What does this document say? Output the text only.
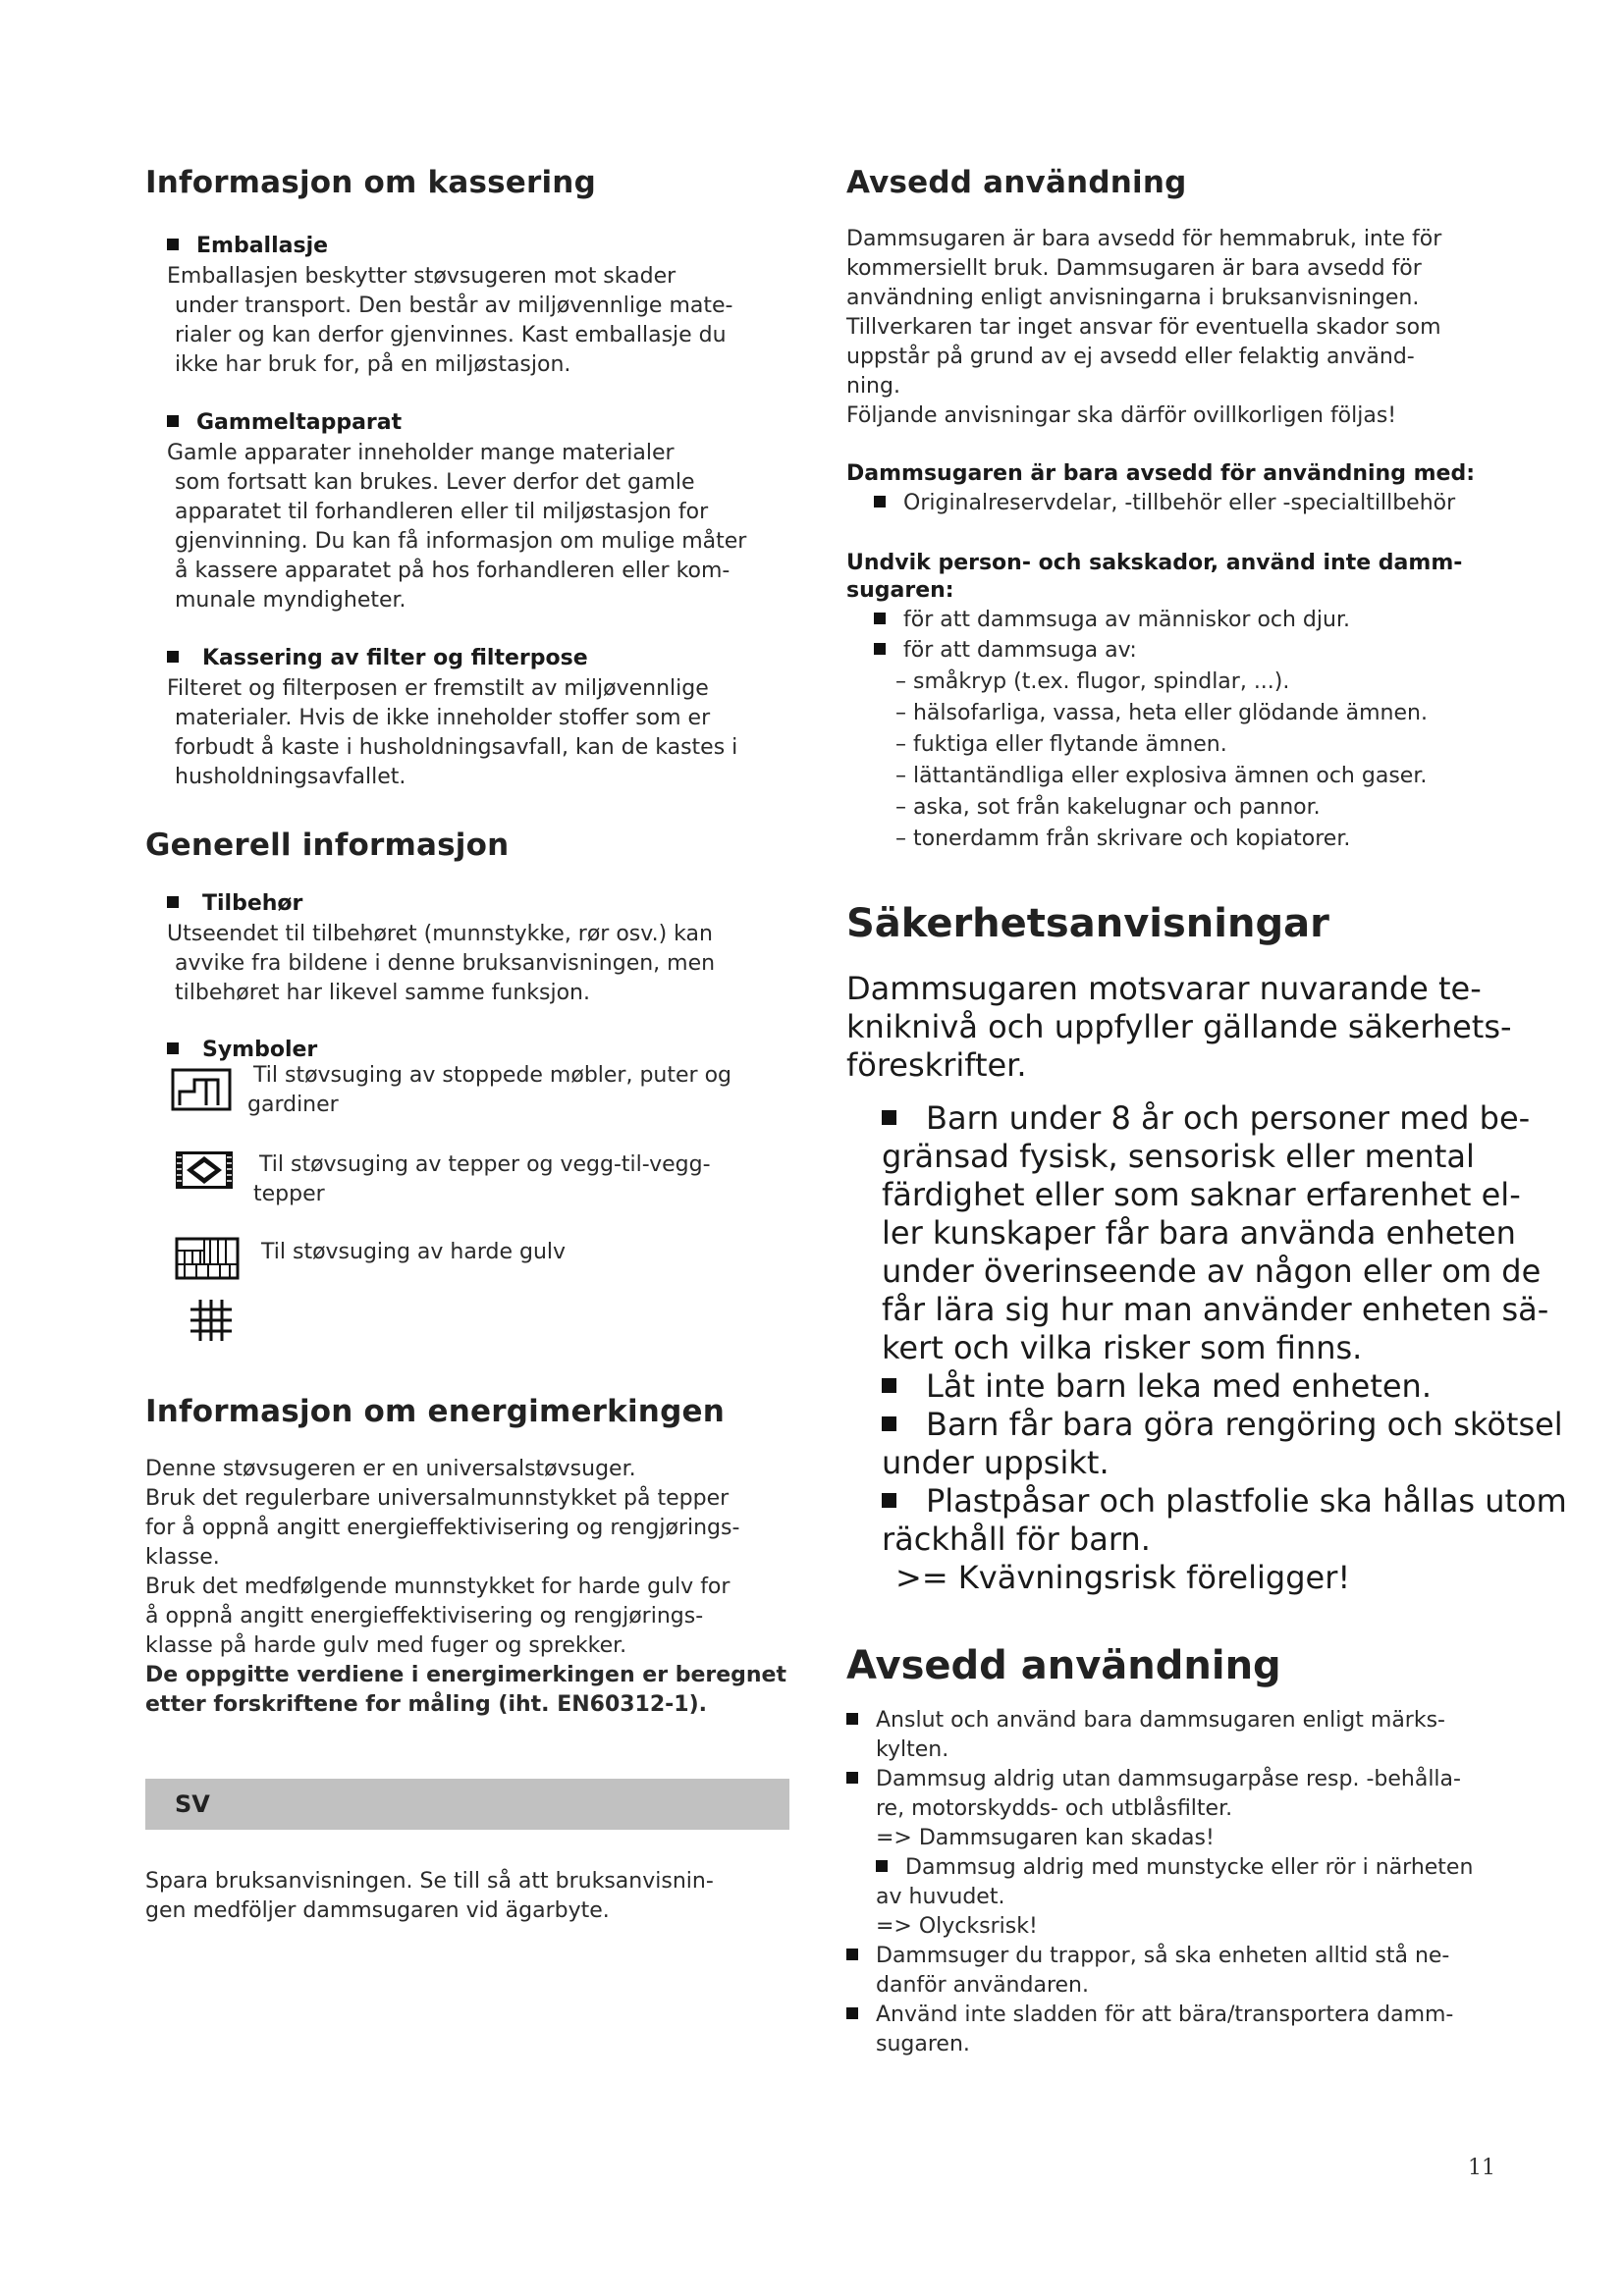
Informasjon om kassering
Emballasje
Emballasjen beskytter støvsugeren mot skader
under transport. Den består av miljøvennlige mate-
rialer og kan derfor gjenvinnes. Kast emballasje du
ikke har bruk for, på en miljøstasjon.
Gammeltapparat
Gamle apparater inneholder mange materialer
som fortsatt kan brukes. Lever derfor det gamle
apparatet til forhandleren eller til miljøstasjon for
gjenvinning. Du kan få informasjon om mulige måter
å kassere apparatet på hos forhandleren eller kom-
munale myndigheter.
Kassering av filter og filterpose
Filteret og filterposen er fremstilt av miljøvennlige
materialer. Hvis de ikke inneholder stoffer som er
forbudt å kaste i husholdningsavfall, kan de kastes i
husholdningsavfallet.
Generell informasjon
Tilbehør
Utseendet til tilbehøret (munnstykke, rør osv.) kan
avvike fra bildene i denne bruksanvisningen, men
tilbehøret har likevel samme funksjon.
Symboler
Til støvsuging av stoppede møbler, puter og
gardiner
Til støvsuging av tepper og vegg-til-vegg-
tepper
Til støvsuging av harde gulv
Informasjon om energimerkingen
Denne støvsugeren er en universalstøvsuger.
Bruk det regulerbare universalmunnstykket på tepper
for å oppnå angitt energieffektivisering og rengjørings-
klasse.
Bruk det medfølgende munnstykket for harde gulv for
å oppnå angitt energieffektivisering og rengjørings-
klasse på harde gulv med fuger og sprekker.
De oppgitte verdiene i energimerkingen er beregnet
etter forskriftene for måling (iht. EN60312-1).
SV
Spara bruksanvisningen. Se till så att bruksanvisnin-
gen medföljer dammsugaren vid ägarbyte.
Avsedd användning
Dammsugaren är bara avsedd för hemmabruk, inte för
kommersiellt bruk. Dammsugaren är bara avsedd för
användning enligt anvisningarna i bruksanvisningen.
Tillverkaren tar inget ansvar för eventuella skador som
uppstår på grund av ej avsedd eller felaktig använd-
ning.
Följande anvisningar ska därför ovillkorligen följas!
Dammsugaren är bara avsedd för användning med:
Originalreservdelar, -tillbehör eller -specialtillbehör
Undvik person- och sakskador, använd inte damm-
sugaren:
för att dammsuga av människor och djur.
för att dammsuga av:
– småkryp (t.ex. flugor, spindlar, ...).
– hälsofarliga, vassa, heta eller glödande ämnen.
– fuktiga eller flytande ämnen.
– lättantändliga eller explosiva ämnen och gaser.
– aska, sot från kakelugnar och pannor.
– tonerdamm från skrivare och kopiatorer.
Säkerhetsanvisningar
Dammsugaren motsvarar nuvarande te-
kniknivå och uppfyller gällande säkerhets-
föreskrifter.
Barn under 8 år och personer med be-
gränsad fysisk, sensorisk eller mental
färdighet eller som saknar erfarenhet el-
ler kunskaper får bara använda enheten
under överinseende av någon eller om de
får lära sig hur man använder enheten sä-
kert och vilka risker som finns.
Låt inte barn leka med enheten.
Barn får bara göra rengöring och skötsel
under uppsikt.
Plastpåsar och plastfolie ska hållas utom
räckhåll för barn.
>= Kvävningsrisk föreligger!
Avsedd användning
Anslut och använd bara dammsugaren enligt märks-
kylten.
Dammsug aldrig utan dammsugarpåse resp. -behålla-
re, motorskydds- och utblåsfilter.
=> Dammsugaren kan skadas!
Dammsug aldrig med munstycke eller rör i närheten
av huvudet.
=> Olycksrisk!
Dammsuger du trappor, så ska enheten alltid stå ne-
danför användaren.
Använd inte sladden för att bära/transportera damm-
sugaren.
11
